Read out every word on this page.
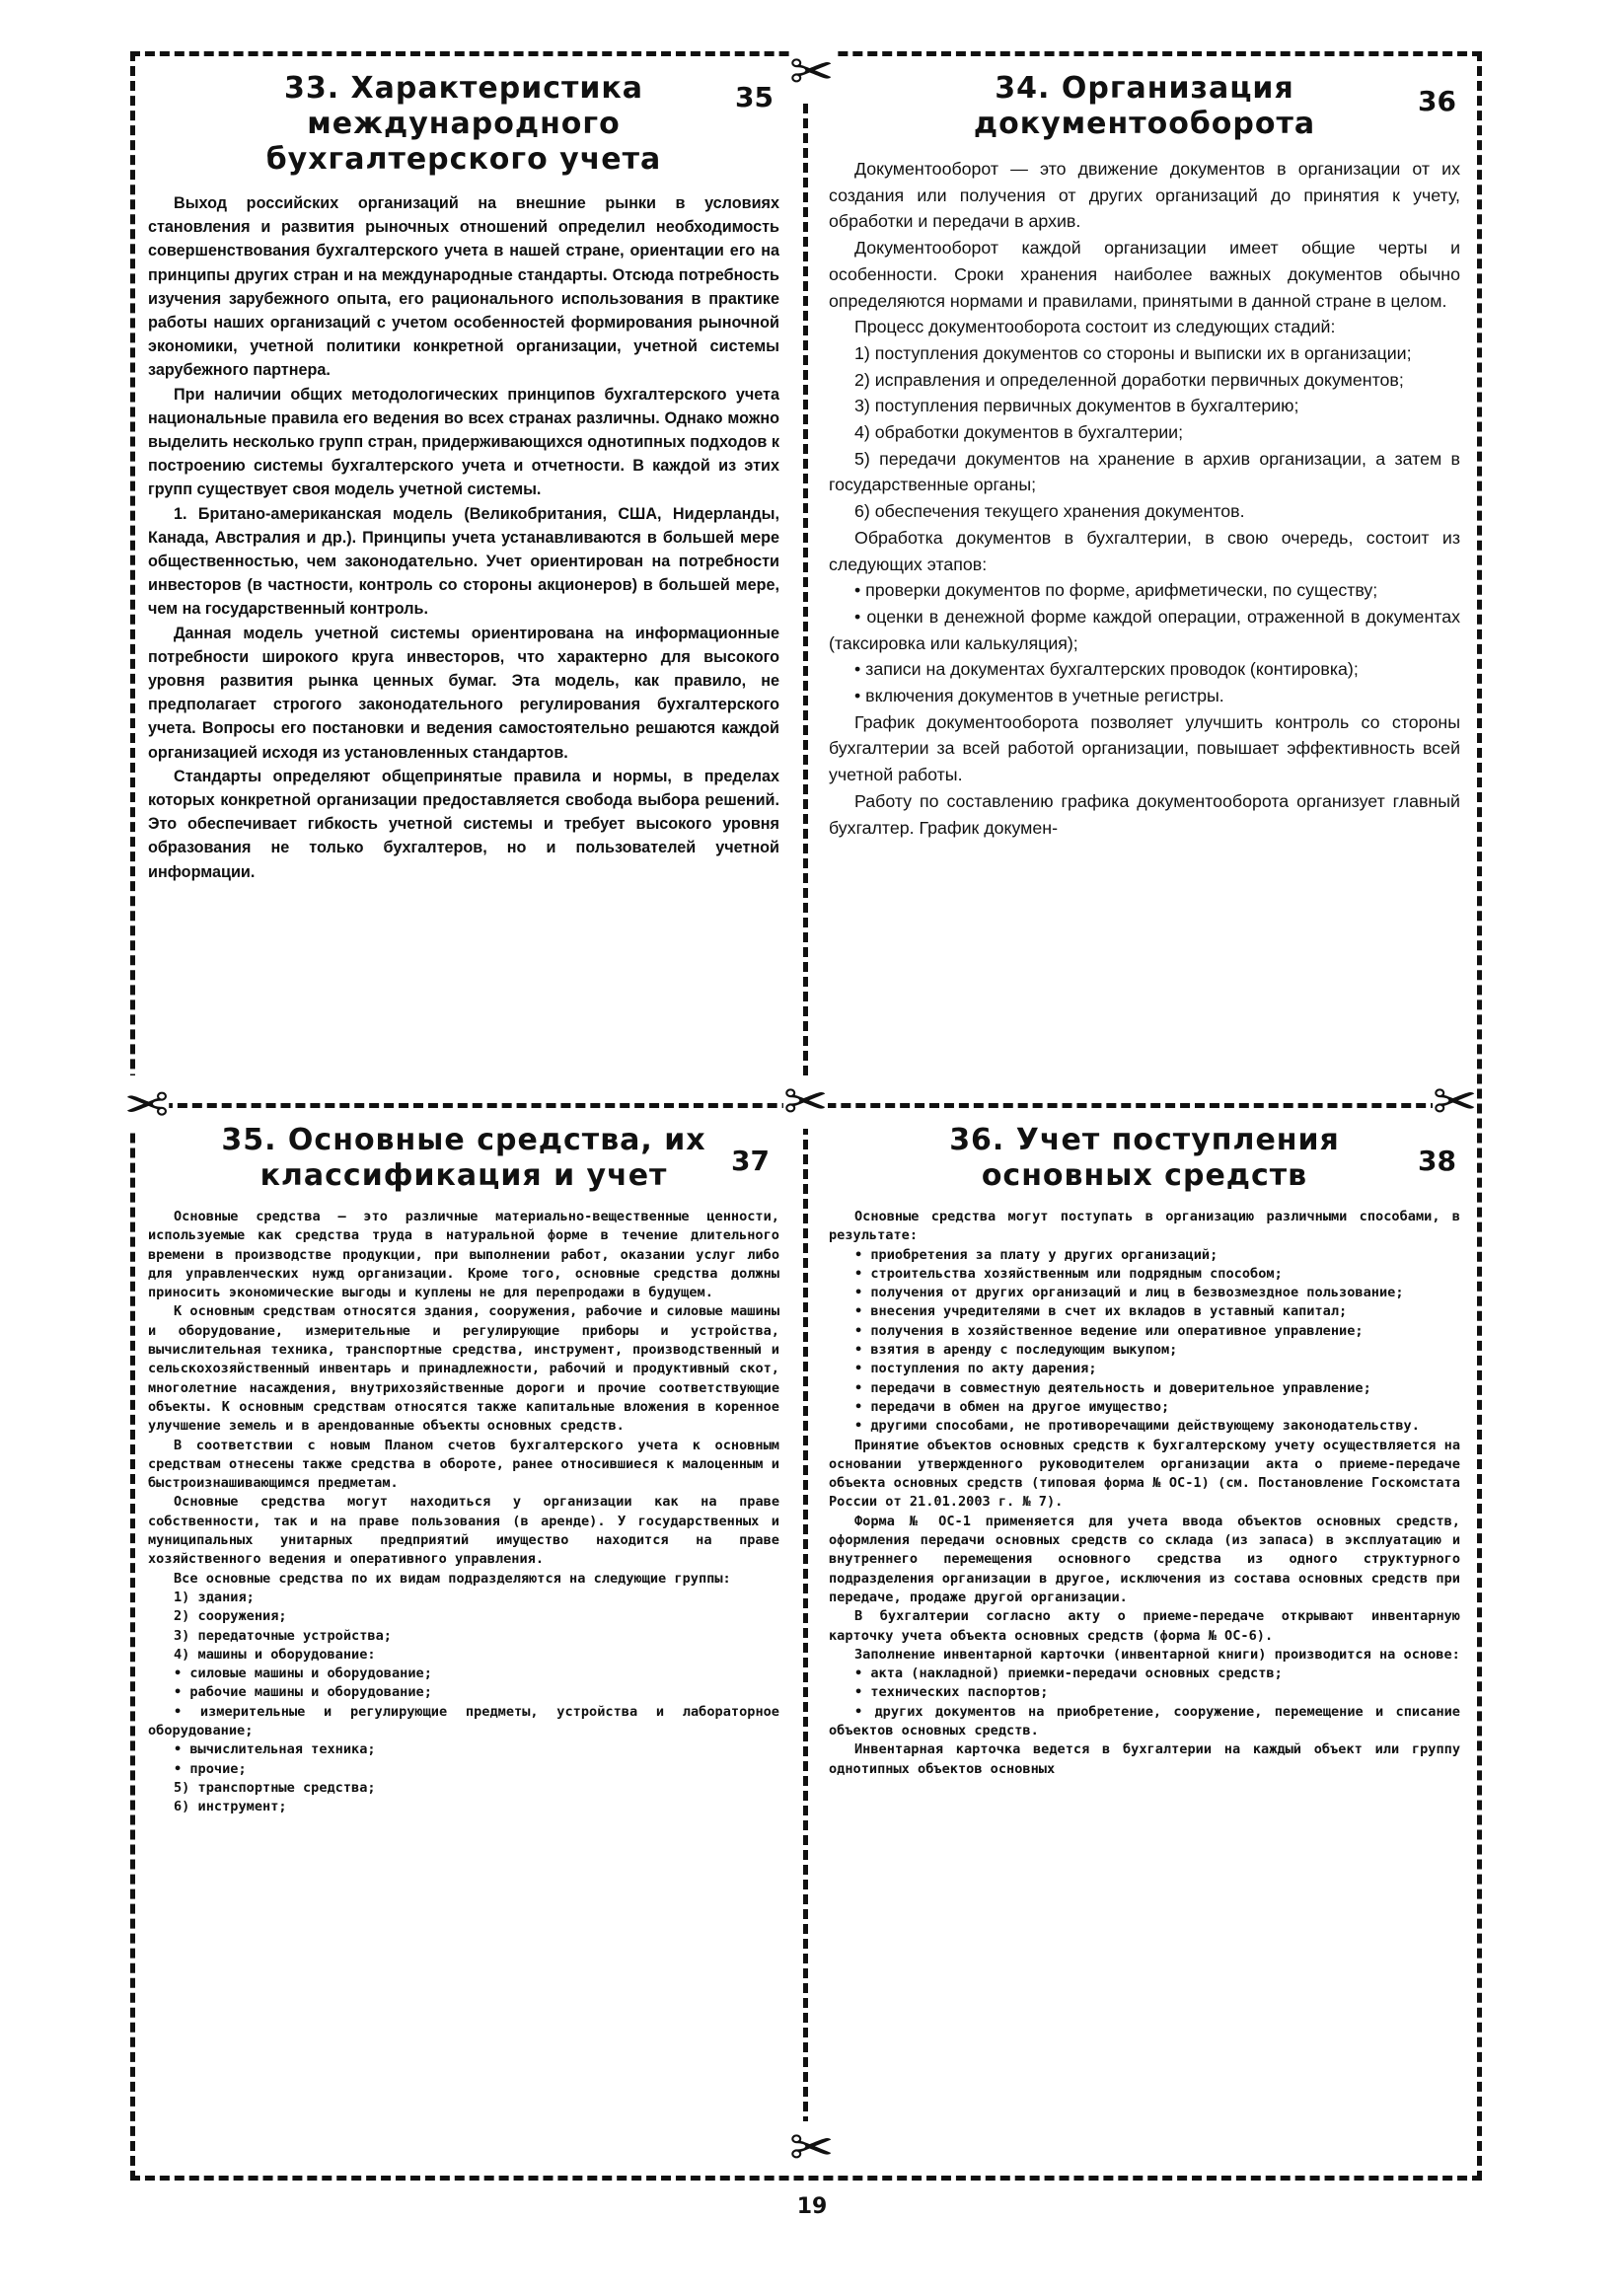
✂
✂	✂	✂
✂
33. Характеристика международного бухгалтерского учета
35

Выход российских организаций на внешние рынки в условиях становления и развития рыночных отношений определил необходимость совершенствования бухгалтерского учета в нашей стране, ориентации его на принципы других стран и на международные стандарты. Отсюда потребность изучения зарубежного опыта, его рационального использования в практике работы наших организаций с учетом особенностей формирования рыночной экономики, учетной политики конкретной организации, учетной системы зарубежного партнера.

При наличии общих методологических принципов бухгалтерского учета национальные правила его ведения во всех странах различны. Однако можно выделить несколько групп стран, придерживающихся однотипных подходов к построению системы бухгалтерского учета и отчетности. В каждой из этих групп существует своя модель учетной системы.

1. Британо-американская модель (Великобритания, США, Нидерланды, Канада, Австралия и др.). Принципы учета устанавливаются в большей мере общественностью, чем законодательно. Учет ориентирован на потребности инвесторов (в частности, контроль со стороны акционеров) в большей мере, чем на государственный контроль.

Данная модель учетной системы ориентирована на информационные потребности широкого круга инвесторов, что характерно для высокого уровня развития рынка ценных бумаг. Эта модель, как правило, не предполагает строгого законодательного регулирования бухгалтерского учета. Вопросы его постановки и ведения самостоятельно решаются каждой организацией исходя из установленных стандартов.

Стандарты определяют общепринятые правила и нормы, в пределах которых конкретной организации предоставляется свобода выбора решений. Это обеспечивает гибкость учетной системы и требует высокого уровня образования не только бухгалтеров, но и пользователей учетной информации.

34. Организация документооборота
36

Документооборот — это движение документов в организации от их создания или получения от других организаций до принятия к учету, обработки и передачи в архив.

Документооборот каждой организации имеет общие черты и особенности. Сроки хранения наиболее важных документов обычно определяются нормами и правилами, принятыми в данной стране в целом.

Процесс документооборота состоит из следующих стадий:

1) поступления документов со стороны и выписки их в организации;

2) исправления и определенной доработки первичных документов;

3) поступления первичных документов в бухгалтерию;

4) обработки документов в бухгалтерии;

5) передачи документов на хранение в архив организации, а затем в государственные органы;

6) обеспечения текущего хранения документов.

Обработка документов в бухгалтерии, в свою очередь, состоит из следующих этапов:

• проверки документов по форме, арифметически, по существу;

• оценки в денежной форме каждой операции, отраженной в документах (таксировка или калькуляция);

• записи на документах бухгалтерских проводок (контировка);

• включения документов в учетные регистры.

График документооборота позволяет улучшить контроль со стороны бухгалтерии за всей работой организации, повышает эффективность всей учетной работы.

Работу по составлению графика документооборота организует главный бухгалтер. График докумен-

35. Основные средства, их классификация и учет	37

Основные средства — это различные материально-вещественные ценности, используемые как средства труда в натуральной форме в течение длительного времени в производстве продукции, при выполнении работ, оказании услуг либо для управленческих нужд организации. Кроме того, основные средства должны приносить экономические выгоды и куплены не для перепродажи в будущем.

К основным средствам относятся здания, сооружения, рабочие и силовые машины и оборудование, измерительные и регулирующие приборы и устройства, вычислительная техника, транспортные средства, инструмент, производственный и сельскохозяйственный инвентарь и принадлежности, рабочий и продуктивный скот, многолетние насаждения, внутрихозяйственные дороги и прочие соответствующие объекты. К основным средствам относятся также капитальные вложения в коренное улучшение земель и в арендованные объекты основных средств.

В соответствии с новым Планом счетов бухгалтерского учета к основным средствам отнесены также средства в обороте, ранее относившиеся к малоценным и быстроизнашивающимся предметам.

Основные средства могут находиться у организации как на праве собственности, так и на праве пользования (в аренде). У государственных и муниципальных унитарных предприятий имущество находится на праве хозяйственного ведения и оперативного управления.

Все основные средства по их видам подразделяются на следующие группы:

1) здания;

2) сооружения;

3) передаточные устройства;

4) машины и оборудование:

• силовые машины и оборудование;

• рабочие машины и оборудование;

• измерительные и регулирующие предметы, устройства и лабораторное оборудование;

• вычислительная техника;

• прочие;

5) транспортные средства;

6) инструмент;

36. Учет поступления основных средств	38

Основные средства могут поступать в организацию различными способами, в результате:

• приобретения за плату у других организаций;

• строительства хозяйственным или подрядным способом;

• получения от других организаций и лиц в безвозмездное пользование;

• внесения учредителями в счет их вкладов в уставный капитал;

• получения в хозяйственное ведение или оперативное управление;

• взятия в аренду с последующим выкупом;

• поступления по акту дарения;

• передачи в совместную деятельность и доверительное управление;

• передачи в обмен на другое имущество;

• другими способами, не противоречащими действующему законодательству.

Принятие объектов основных средств к бухгалтерскому учету осуществляется на основании утвержденного руководителем организации акта о приеме-передаче объекта основных средств (типовая форма № ОС-1) (см. Постановление Госкомстата России от 21.01.2003 г. № 7).

Форма № ОС-1 применяется для учета ввода объектов основных средств, оформления передачи основных средств со склада (из запаса) в эксплуатацию и внутреннего перемещения основного средства из одного структурного подразделения организации в другое, исключения из состава основных средств при передаче, продаже другой организации.

В бухгалтерии согласно акту о приеме-передаче открывают инвентарную карточку учета объекта основных средств (форма № ОС-6).

Заполнение инвентарной карточки (инвентарной книги) производится на основе:

• акта (накладной) приемки-передачи основных средств;

• технических паспортов;

• других документов на приобретение, сооружение, перемещение и списание объектов основных средств.

Инвентарная карточка ведется в бухгалтерии на каждый объект или группу однотипных объектов основных

19
